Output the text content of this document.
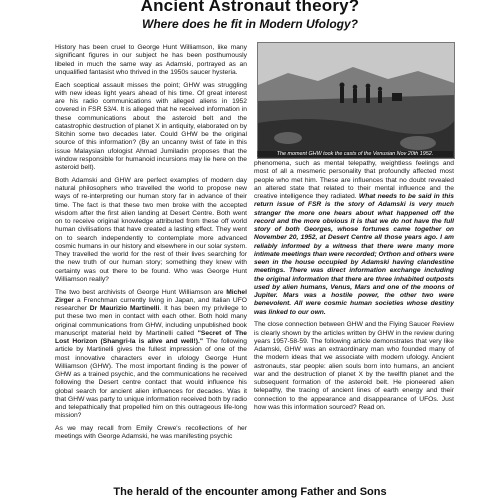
Ancient Astronaut theory?
Where does he fit in Modern Ufology?

History has been cruel to George Hunt Williamson, like many significant figures in our subject he has been posthumously libeled in much the same way as Adamski, portrayed as an unqualified fantasist who thrived in the 1950s saucer hysteria.

Each sceptical assault misses the point; GHW was struggling with new ideas light years ahead of his time. Of great interest are his radio communications with alleged aliens in 1952 covered in FSR 53/4. It is alleged that he received information in these communications about the asteroid belt and the catastrophic destruction of planet X in antiquity, elaborated on by Sitchin some two decades later. Could GHW be the original source of this information? (By an uncanny twist of fate in this issue Malaysian ufologist Ahmad Jumiladin proposes that the window responsible for humanoid incursions may lie here on the asteroid belt).

Both Adamski and GHW are perfect examples of modern day natural philosophers who travelled the world to propose new ways of re-interpreting our human story far in advance of their time. The fact is that these two men broke with the accepted wisdom after the first alien landing at Desert Centre. Both went on to receive original knowledge attributed from these off world human civilisations that have created a lasting effect. They went on to search independently to contemplate more advanced cosmic humans in our history and elsewhere in our solar system. They travelled the world for the rest of their lives searching for the new truth of our human story; something they knew with certainty was out there to be found. Who was George Hunt Williamson really?

The two best archivists of George Hunt Williamson are Michel Zirger a Frenchman currently living in Japan, and Italian UFO researcher Dr Maurizio Martinelli. It has been my privilege to put these two men in contact with each other. Both hold many original communications from GHW, including unpublished book manuscript material held by Martinelli called "Secret of The Lost Horizon (Shangri-la is alive and well!)." The following article by Martinelli gives the fullest impression of one of the most innovative characters ever in ufology George Hunt Williamson (GHW). The most important finding is the power of GHW as a trained psychic, and the communications he received following the Desert centre contact that would influence his global search for ancient alien influences for decades. Was it that GHW was party to unique information received both by radio and telepathically that propelled him on this outrageous life-long mission?

As we may recall from Emily Crewe's recollections of her meetings with George Adamski, he was manifesting psychic

The moment GHW took the casts of the Venusian Nov 20th 1952.

phenomena, such as mental telepathy, weightless feelings and most of all a mesmeric personality that profoundly affected most people who met him. These are influences that no doubt revealed an altered state that related to their mental influence and the creative intelligence they radiated. What needs to be said in this return issue of FSR is the story of Adamski is very much stranger the more one hears about what happened off the record and the more obvious it is that we do not have the full story of both Georges, whose fortunes came together on November 20, 1952, at Desert Centre all those years ago. I am reliably informed by a witness that there were many more intimate meetings than were recorded; Orthon and others were seen in the house occupied by Adamski having clandestine meetings. There was direct information exchange including the original information that there are three inhabited outposts used by alien humans, Venus, Mars and one of the moons of Jupiter. Mars was a hostile power, the other two were benevolent. All were cosmic human societies whose destiny was linked to our own.

The close connection between GHW and the Flying Saucer Review is clearly shown by the articles written by GHW in the review during years 1957-58-59. The following article demonstrates that very like Adamski, GHW was an extraordinary man who founded many of the modern ideas that we associate with modern ufology. Ancient astronauts, star people: alien souls born into humans, an ancient war and the destruction of planet X by the twelfth planet and the subsequent formation of the asteroid belt. He pioneered alien telepathy, the tracing of ancient lines of earth energy and their connection to the appearance and disappearance of UFOs. Just how was this information sourced? Read on.

The herald of the encounter among Father and Sons
